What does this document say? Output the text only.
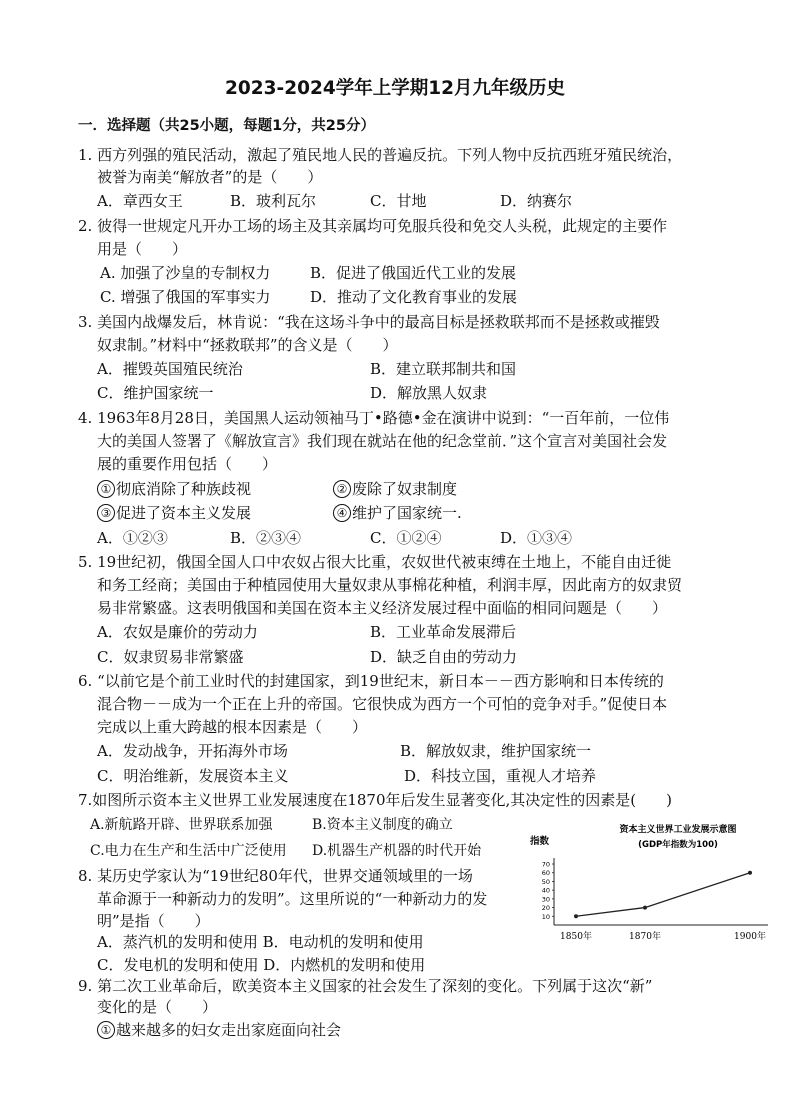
2023-2024学年上学期12月九年级历史
一．选择题（共25小题，每题1分，共25分）
1. 西方列强的殖民活动，激起了殖民地人民的普遍反抗。下列人物中反抗西班牙殖民统治，
被誉为南美“解放者”的是（　　）
A．章西女王	B．玻利瓦尔	C．甘地	D．纳赛尔
2. 彼得一世规定凡开办工场的场主及其亲属均可免服兵役和免交人头税，此规定的主要作
用是（　　）
A. 加强了沙皇的专制权力	B．促进了俄国近代工业的发展
C. 增强了俄国的军事实力	D．推动了文化教育事业的发展
3. 美国内战爆发后，林肯说：“我在这场斗争中的最高目标是拯救联邦而不是拯救或摧毁
奴隶制。”材料中“拯救联邦”的含义是（　　）
A．摧毁英国殖民统治	B．建立联邦制共和国
C．维护国家统一	D．解放黑人奴隶
4. 1963年8月28日，美国黑人运动领袖马丁•路德•金在演讲中说到：“一百年前，一位伟
大的美国人签署了《解放宣言》我们现在就站在他的纪念堂前．”这个宣言对美国社会发
展的重要作用包括（　　）
① 彻底消除了种族歧视	② 废除了奴隶制度
③ 促进了资本主义发展	④ 维护了国家统一.
A．①②③	B．②③④	C．①②④	D．①③④
5. 19世纪初，俄国全国人口中农奴占很大比重，农奴世代被束缚在土地上，不能自由迁徙
和务工经商；美国由于种植园使用大量奴隶从事棉花种植，利润丰厚，因此南方的奴隶贸
易非常繁盛。这表明俄国和美国在资本主义经济发展过程中面临的相同问题是（　　）
A．农奴是廉价的劳动力	B．工业革命发展滞后
C．奴隶贸易非常繁盛	D．缺乏自由的劳动力
6. “以前它是个前工业时代的封建国家，到19世纪末，新日本－－西方影响和日本传统的
混合物－－成为一个正在上升的帝国。它很快成为西方一个可怕的竞争对手。”促使日本
完成以上重大跨越的根本因素是（　　）
A．发动战争，开拓海外市场	B．解放奴隶，维护国家统一
C．明治维新，发展资本主义	D．科技立国，重视人才培养
7.如图所示资本主义世界工业发展速度在1870年后发生显著变化,其决定性的因素是(　　)
A.新航路开辟、世界联系加强	B.资本主义制度的确立
C.电力在生产和生活中广泛使用 D.机器生产机器的时代开始
资本主义世界工业发展示意图
(GDP年指数为100)
指数
10
20
30
40
50
60
70
1850年	1870年	1900年
8. 某历史学家认为“19世纪80年代，世界交通领域里的一场
革命源于一种新动力的发明”。这里所说的“一种新动力的发
明”是指（　　）
A．蒸汽机的发明和使用 B．电动机的发明和使用
C．发电机的发明和使用 D．内燃机的发明和使用
9. 第二次工业革命后，欧美资本主义国家的社会发生了深刻的变化。下列属于这次“新”
变化的是（　　）
① 越来越多的妇女走出家庭面向社会
